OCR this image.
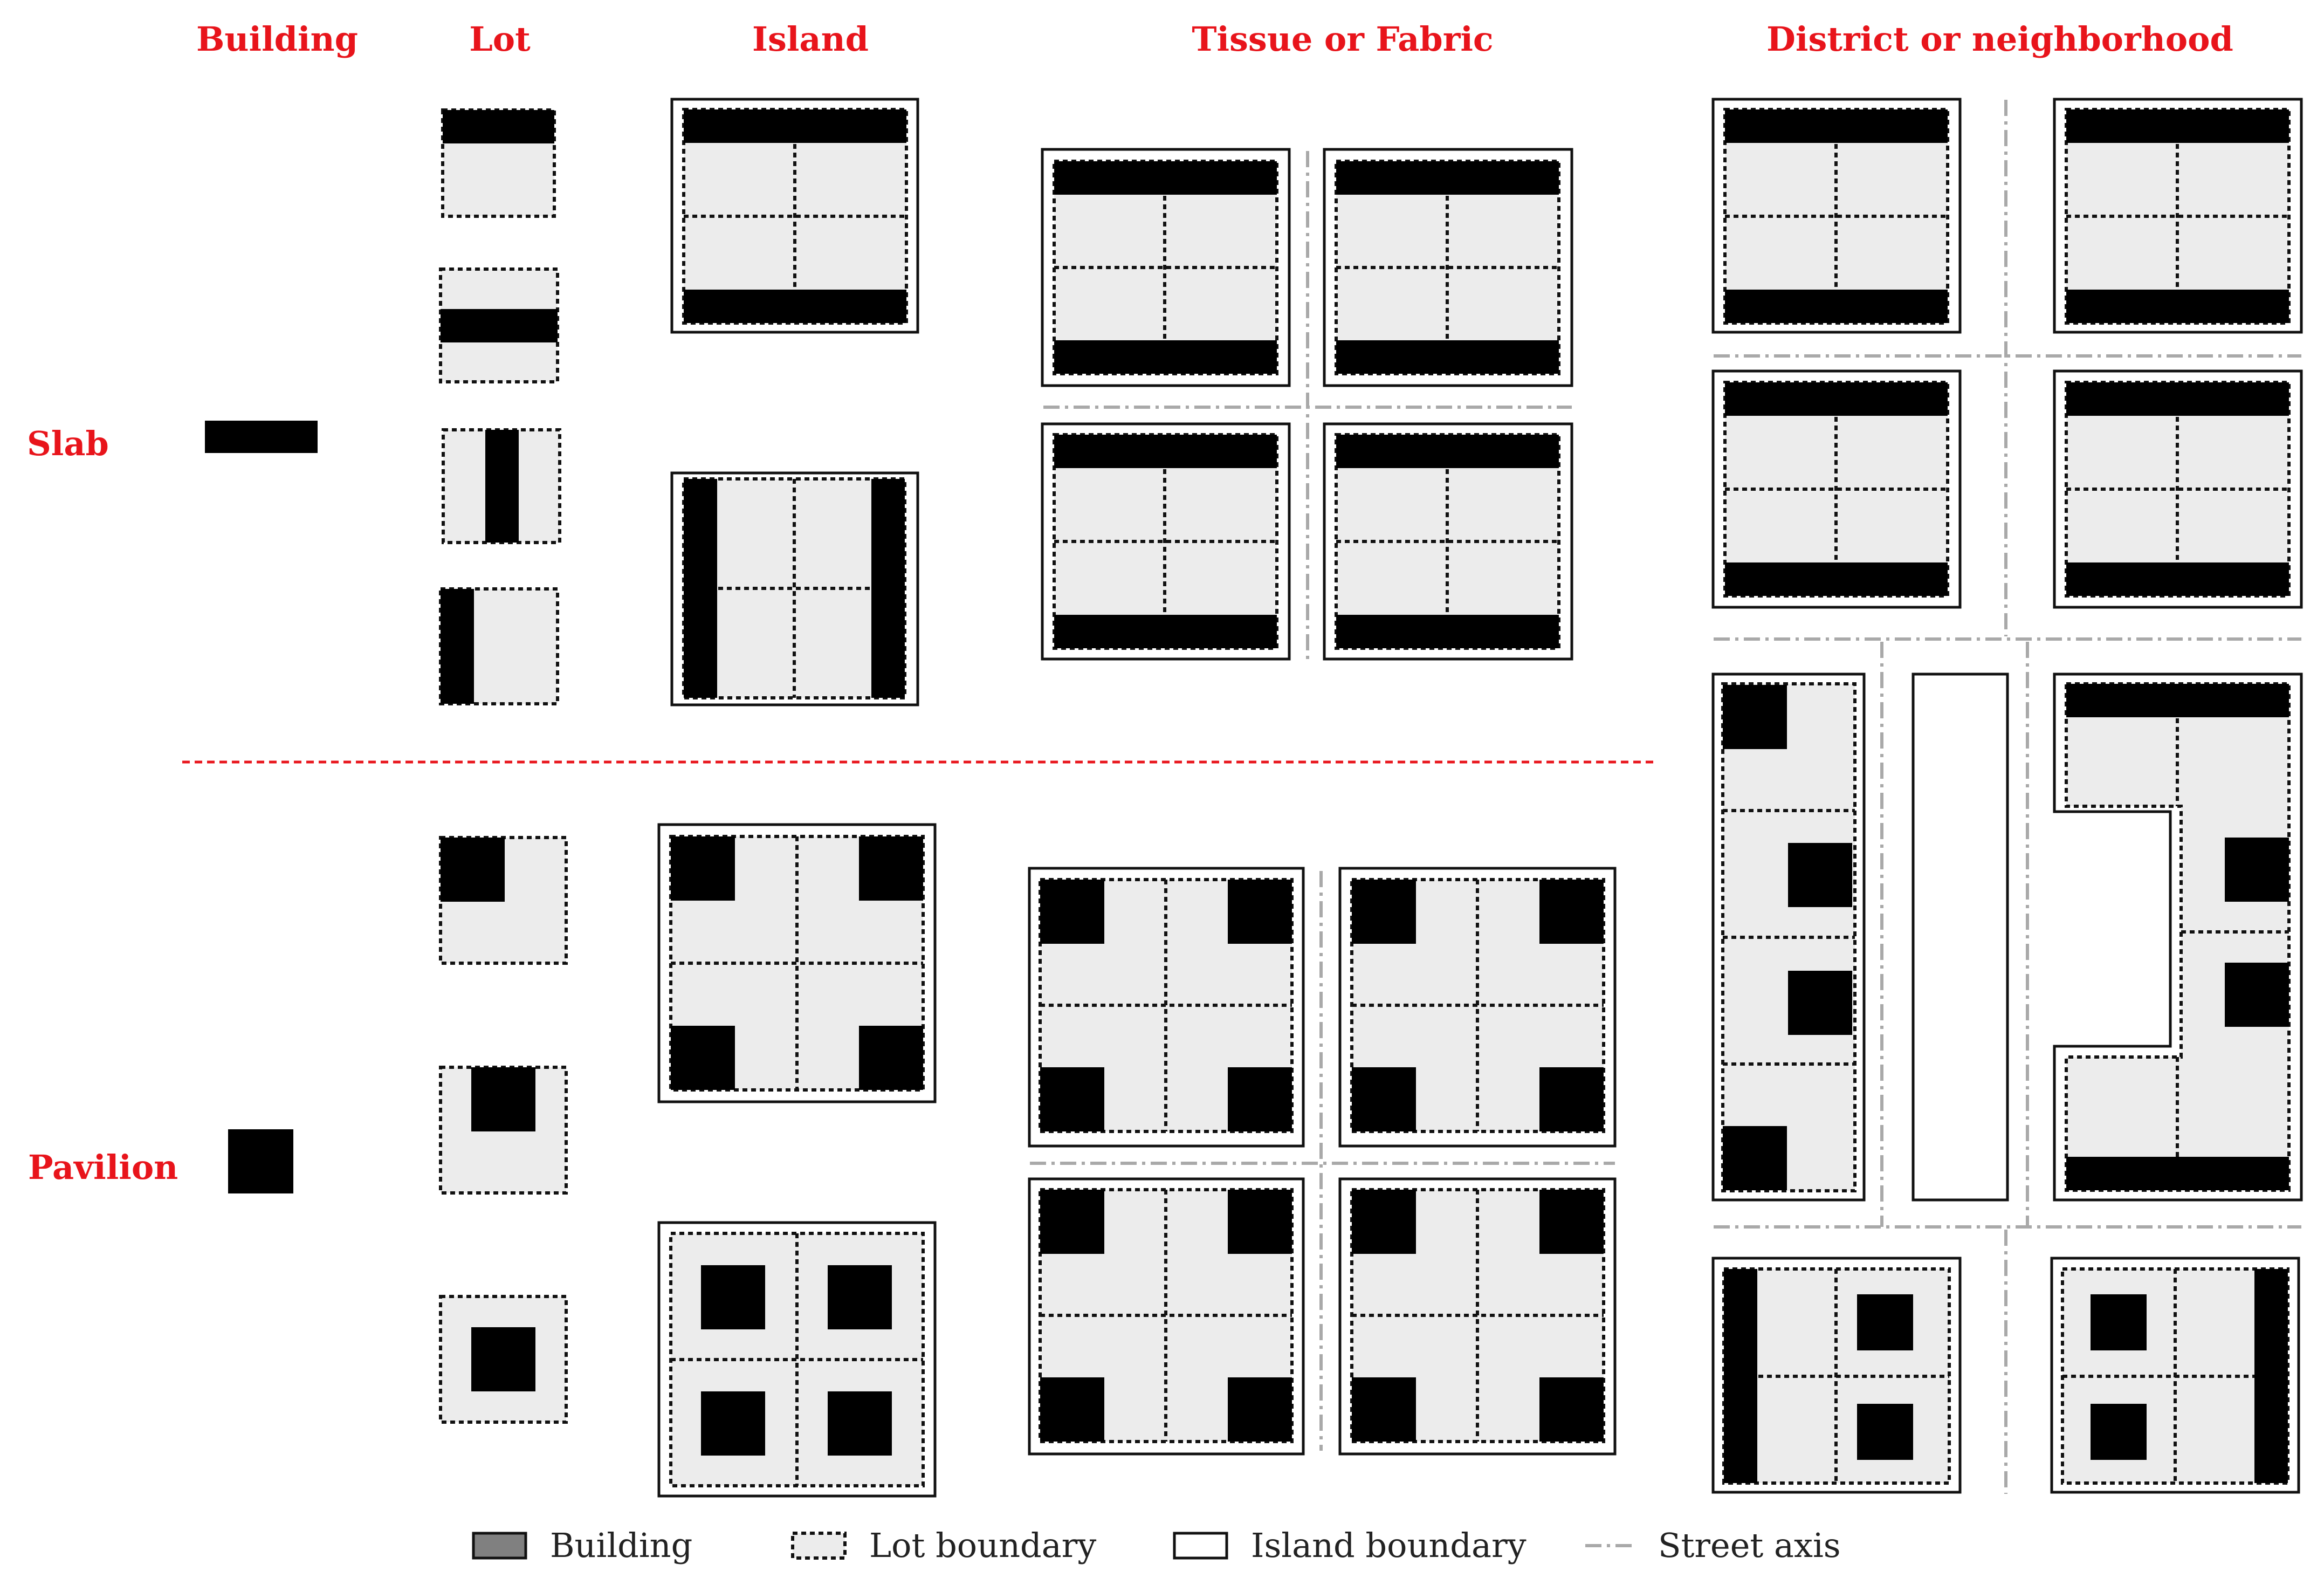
Building	Lot	Island	Tissue or Fabric	District or neighborhood
Slab
Pavilion
Building	Lot boundary	Island boundary	Street axis
